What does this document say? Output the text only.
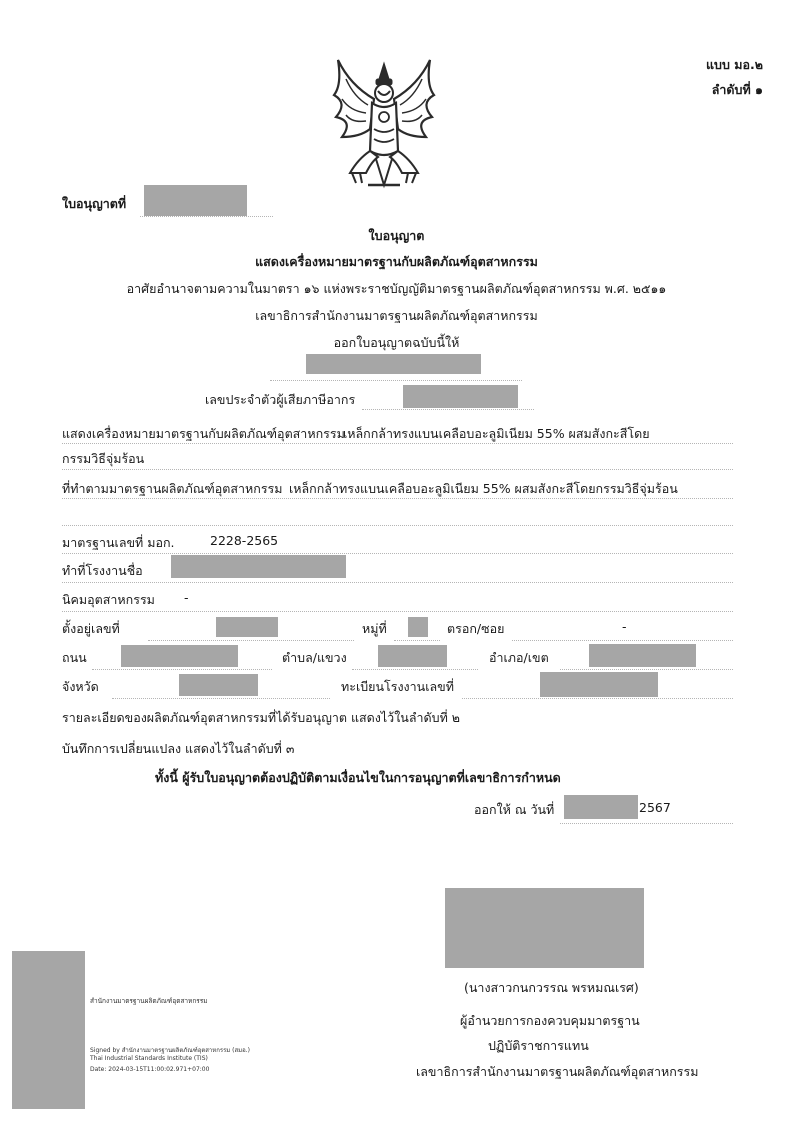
แบบ มอ.๒
ลำดับที่ ๑
ใบอนุญาตที่
ใบอนุญาต
แสดงเครื่องหมายมาตรฐานกับผลิตภัณฑ์อุตสาหกรรม
อาศัยอำนาจตามความในมาตรา ๑๖ แห่งพระราชบัญญัติมาตรฐานผลิตภัณฑ์อุตสาหกรรม พ.ศ. ๒๕๑๑
เลขาธิการสำนักงานมาตรฐานผลิตภัณฑ์อุตสาหกรรม
ออกใบอนุญาตฉบับนี้ให้
เลขประจำตัวผู้เสียภาษีอากร
แสดงเครื่องหมายมาตรฐานกับผลิตภัณฑ์อุตสาหกรรม
เหล็กกล้าทรงแบนเคลือบอะลูมิเนียม 55% ผสมสังกะสีโดย
กรรมวิธีจุ่มร้อน
ที่ทำตามมาตรฐานผลิตภัณฑ์อุตสาหกรรม เหล็กกล้าทรงแบนเคลือบอะลูมิเนียม 55% ผสมสังกะสีโดยกรรมวิธีจุ่มร้อน
มาตรฐานเลขที่ มอก.	2228-2565
ทำที่โรงงานชื่อ
นิคมอุตสาหกรรม -
ตั้งอยู่เลขที่	หมู่ที่	ตรอก/ซอย	-
ถนน	ตำบล/แขวง	อำเภอ/เขต
จังหวัด	ทะเบียนโรงงานเลขที่
รายละเอียดของผลิตภัณฑ์อุตสาหกรรมที่ได้รับอนุญาต แสดงไว้ในลำดับที่ ๒
บันทึกการเปลี่ยนแปลง แสดงไว้ในลำดับที่ ๓
ทั้งนี้ ผู้รับใบอนุญาตต้องปฏิบัติตามเงื่อนไขในการอนุญาตที่เลขาธิการกำหนด
ออกให้ ณ วันที่	2567
(นางสาวกนกวรรณ พรหมณเรศ)
ผู้อำนวยการกองควบคุมมาตรฐาน
ปฏิบัติราชการแทน
เลขาธิการสำนักงานมาตรฐานผลิตภัณฑ์อุตสาหกรรม
สำนักงานมาตรฐานผลิตภัณฑ์อุตสาหกรรม
Signed by สำนักงานมาตรฐานผลิตภัณฑ์อุตสาหกรรม (สมอ.)
Thai Industrial Standards Institute (TIS)
Date: 2024-03-15T11:00:02.971+07:00
